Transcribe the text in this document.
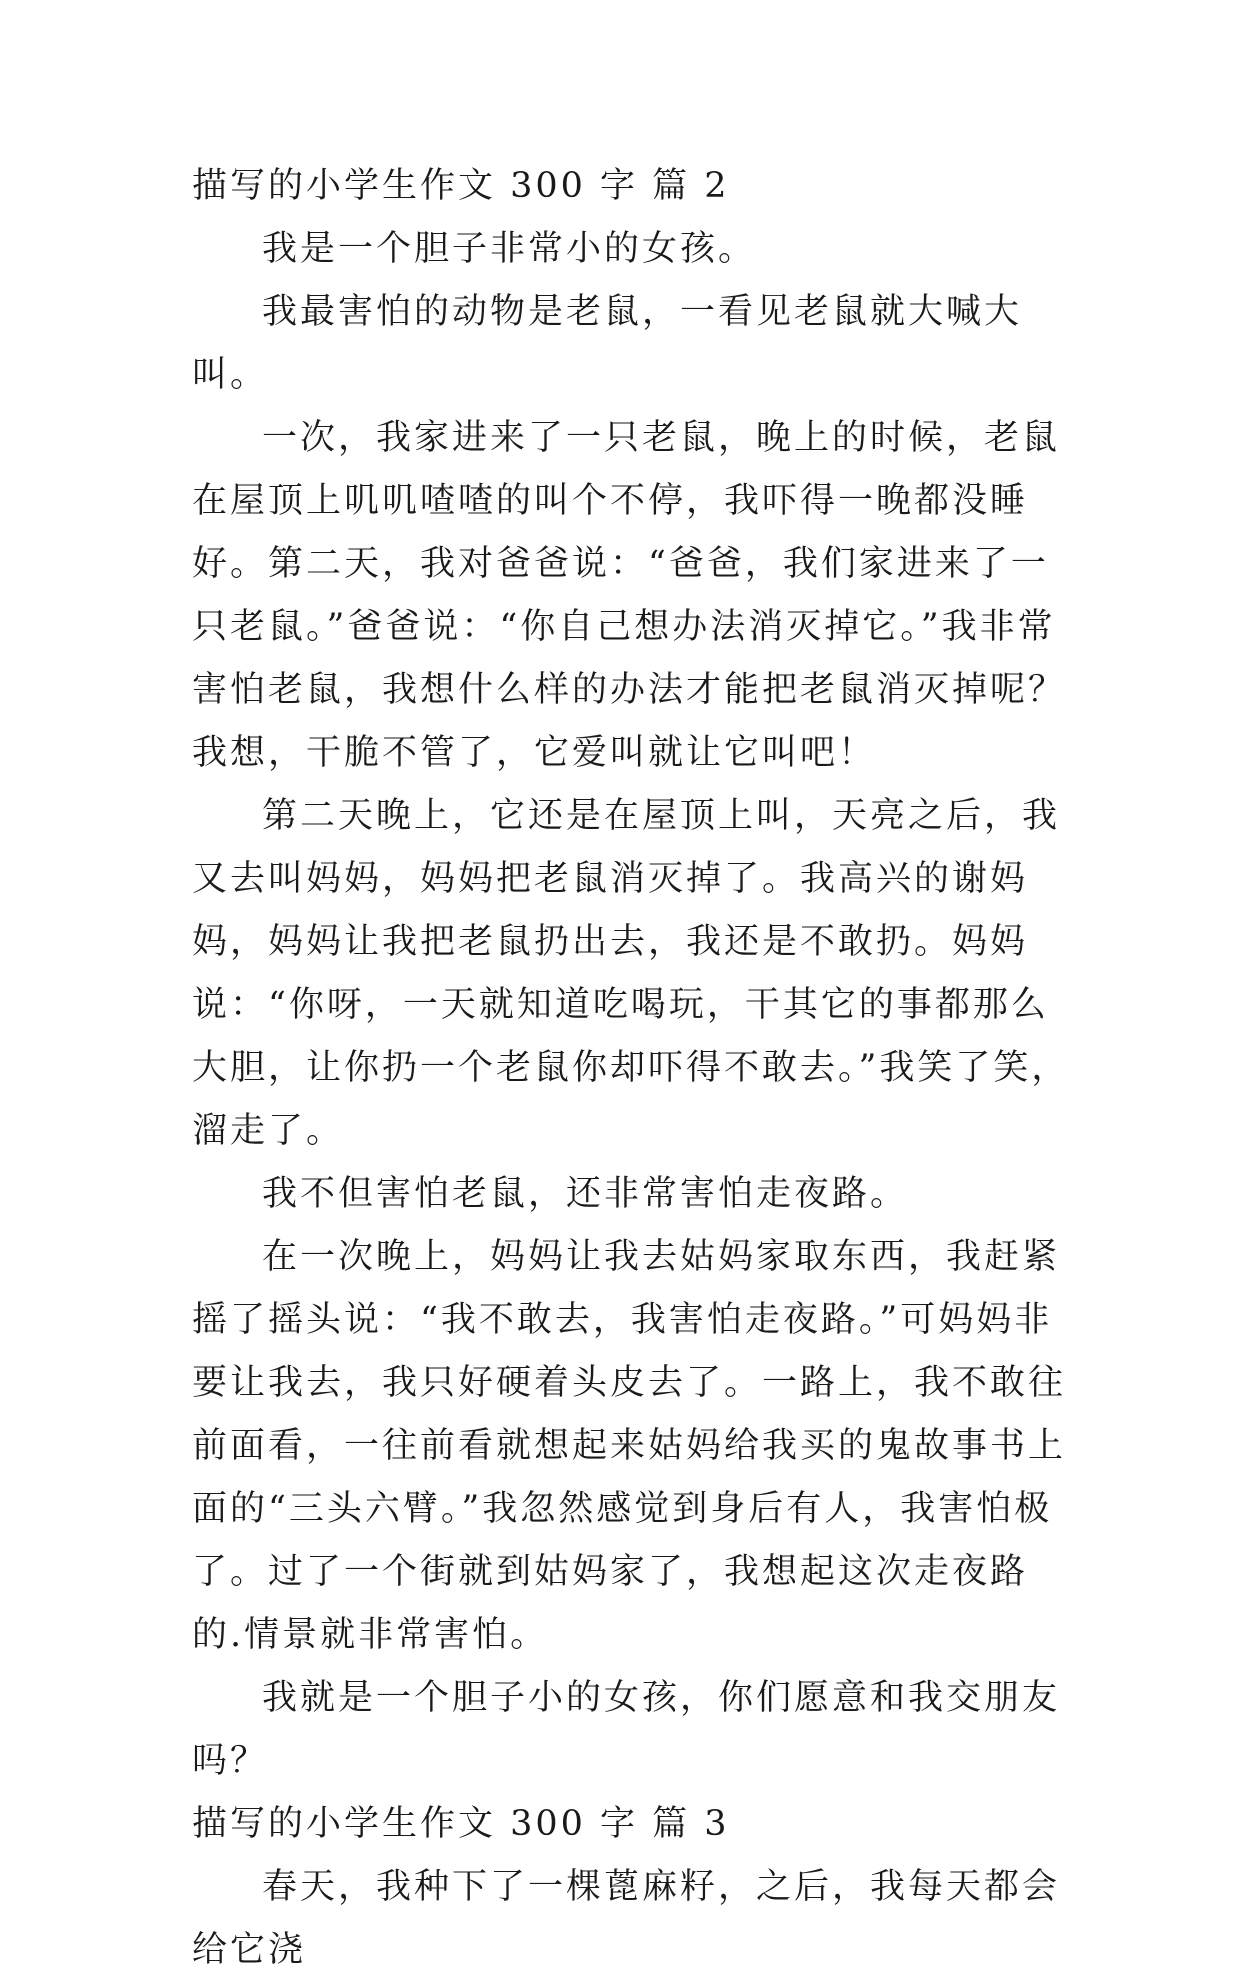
描写的小学生作文 300 字 篇 2

我是一个胆子非常小的女孩。

我最害怕的动物是老鼠，一看见老鼠就大喊大叫。

一次，我家进来了一只老鼠，晚上的时候，老鼠在屋顶上叽叽喳喳的叫个不停，我吓得一晚都没睡好。第二天，我对爸爸说：“爸爸，我们家进来了一只老鼠。”爸爸说：“你自己想办法消灭掉它。”我非常害怕老鼠，我想什么样的办法才能把老鼠消灭掉呢？我想，干脆不管了，它爱叫就让它叫吧！

第二天晚上，它还是在屋顶上叫，天亮之后，我又去叫妈妈，妈妈把老鼠消灭掉了。我高兴的谢妈妈，妈妈让我把老鼠扔出去，我还是不敢扔。妈妈说：“你呀，一天就知道吃喝玩，干其它的事都那么大胆，让你扔一个老鼠你却吓得不敢去。”我笑了笑，溜走了。

我不但害怕老鼠，还非常害怕走夜路。

在一次晚上，妈妈让我去姑妈家取东西，我赶紧摇了摇头说：“我不敢去，我害怕走夜路。”可妈妈非要让我去，我只好硬着头皮去了。一路上，我不敢往前面看，一往前看就想起来姑妈给我买的鬼故事书上面的“三头六臂。”我忽然感觉到身后有人，我害怕极了。过了一个街就到姑妈家了，我想起这次走夜路的.情景就非常害怕。

我就是一个胆子小的女孩，你们愿意和我交朋友吗？

描写的小学生作文 300 字 篇 3

春天，我种下了一棵蓖麻籽，之后，我每天都会给它浇
